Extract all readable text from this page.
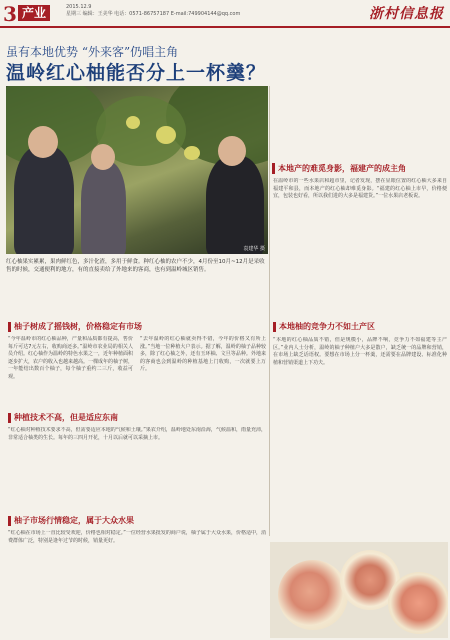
3 产业	2015.12.9
星期三 编辑：王美华 电话：0571-86757187 E-mail:749904144@qq.com	浙村信息报
虽有本地优势 “外来客”仍唱主角
温岭红心柚能否分上一杯羹？
袁建华 摄
红心柚果实累累，果肉鲜红色，多汁化渣，多用于鲜食。种红心柚的农户不少，4月份至10月~12月是采收售的时候，交通便利的地方，有的直接卖给了外地来的客商，也有到温岭城区销售。
柚子树成了摇钱树，价格稳定有市场
“今年温岭市的红心柚品种，产量和品质都有提高，售价每斤可达7元左右，收购商还多。”温岭市农业局的相关人员介绍。红心柚作为温岭的特色水果之一，近年种植面积逐步扩大，农户的收入也越来越高。一棵成年的柚子树，一年能结出数百个柚子，每个柚子重约二三斤，收益可观。
“去年温岭的红心柚就卖得不错，今年的价格又有所上涨。”当地一位种植大户表示。据了解，温岭的柚子品种较多，除了红心柚之外，还有玉环柚、文旦等品种。外地来的客商也会到温岭的种植基地上门收购，一次就要上万斤。
种植技术不高，但是适应东南
“红心柚对种植技术要求不高，但需要适应本地的气候和土壤。”果农介绍，温岭地处东南沿海，气候温和，雨量充沛，非常适合柚类的生长。每年的三四月开花，十月以后就可以采摘上市。
柚子市场行情稳定，属于大众水果
“红心柚在市场上一直比较受欢迎，价格也相对稳定。”一位经营水果批发的商户说，柚子属于大众水果，价格适中，消费群体广泛，特别是逢年过节的时候，销量更好。
本地产的难觅身影，福建产的成主角
在温岭市的一些水果店和超市里，记者发现，摆在显眼位置的红心柚大多来自福建平和县，而本地产的红心柚却难觅身影。“福建的红心柚上市早，价格便宜，包装也好看，所以我们进的大多是福建货。”一位水果店老板说。
本地柚的竞争力不如土产区
“本地的红心柚品质不错，但是规模小，品牌不响，竞争力不如福建等主产区。”业内人士分析，温岭的柚子种植户大多是散户，缺乏统一的品牌和营销，在市场上缺乏话语权。要想在市场上分一杯羹，还需要在品牌建设、标准化种植和营销渠道上下功夫。
